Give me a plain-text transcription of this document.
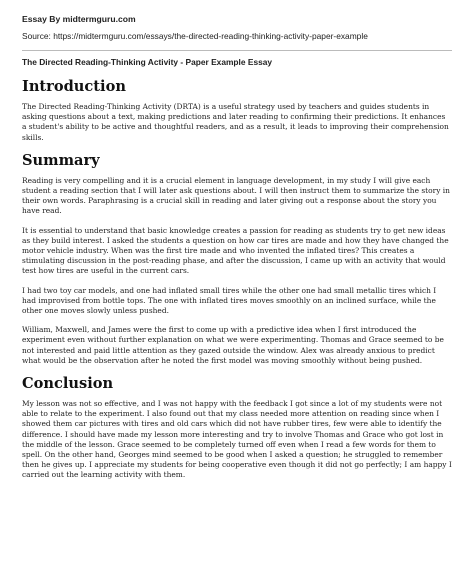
Essay By midtermguru.com
Source: https://midtermguru.com/essays/the-directed-reading-thinking-activity-paper-example
The Directed Reading-Thinking Activity - Paper Example Essay
Introduction

The Directed Reading-Thinking Activity (DRTA) is a useful strategy used by teachers and guides students in asking questions about a text, making predictions and later reading to confirming their predictions. It enhances a student's ability to be active and thoughtful readers, and as a result, it leads to improving their comprehension skills.

Summary

Reading is very compelling and it is a crucial element in language development, in my study I will give each student a reading section that I will later ask questions about. I will then instruct them to summarize the story in their own words. Paraphrasing is a crucial skill in reading and later giving out a response about the story you have read.

It is essential to understand that basic knowledge creates a passion for reading as students try to get new ideas as they build interest. I asked the students a question on how car tires are made and how they have changed the motor vehicle industry. When was the first tire made and who invented the inflated tires? This creates a stimulating discussion in the post-reading phase, and after the discussion, I came up with an activity that would test how tires are useful in the current cars.

I had two toy car models, and one had inflated small tires while the other one had small metallic tires which I had improvised from bottle tops. The one with inflated tires moves smoothly on an inclined surface, while the other one moves slowly unless pushed.

William, Maxwell, and James were the first to come up with a predictive idea when I first introduced the experiment even without further explanation on what we were experimenting. Thomas and Grace seemed to be not interested and paid little attention as they gazed outside the window. Alex was already anxious to predict what would be the observation after he noted the first model was moving smoothly without being pushed.

Conclusion

My lesson was not so effective, and I was not happy with the feedback I got since a lot of my students were not able to relate to the experiment. I also found out that my class needed more attention on reading since when I showed them car pictures with tires and old cars which did not have rubber tires, few were able to identify the difference. I should have made my lesson more interesting and try to involve Thomas and Grace who got lost in the middle of the lesson. Grace seemed to be completely turned off even when I read a few words for them to spell. On the other hand, Georges mind seemed to be good when I asked a question; he struggled to remember then he gives up. I appreciate my students for being cooperative even though it did not go perfectly; I am happy I carried out the learning activity with them.
